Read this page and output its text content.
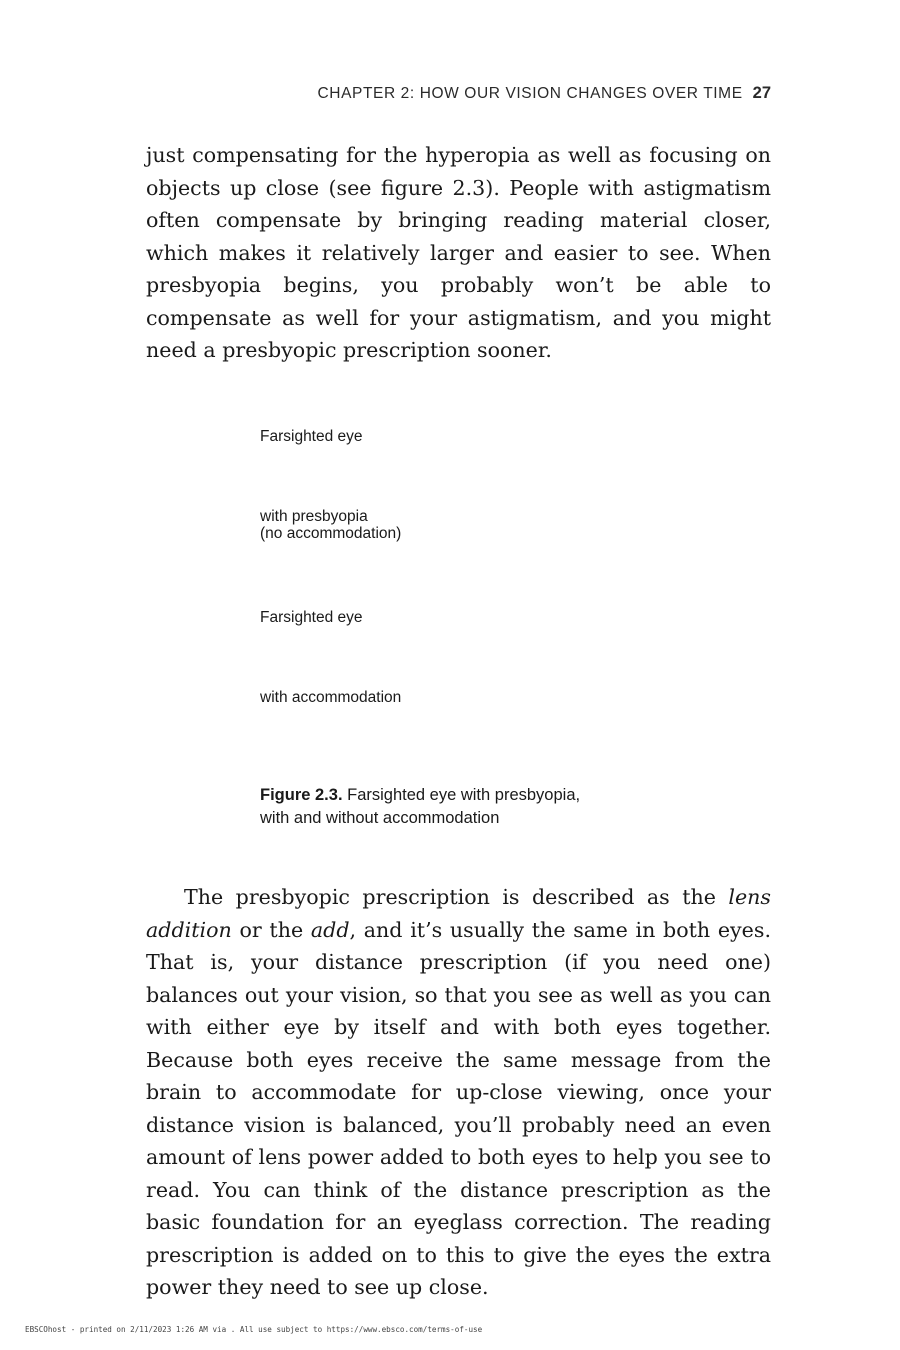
CHAPTER 2: HOW OUR VISION CHANGES OVER TIME 27

just compensating for the hyperopia as well as focusing on objects up close (see figure 2.3). People with astigmatism often compensate by bringing reading material closer, which makes it relatively larger and easier to see. When presbyopia begins, you probably won’t be able to compensate as well for your astigmatism, and you might need a presbyopic prescription sooner.

Farsighted eye
with presbyopia
(no accommodation)
Farsighted eye
with accommodation
Figure 2.3. Farsighted eye with presbyopia,
with and without accommodation

The presbyopic prescription is described as the lens addition or the add, and it’s usually the same in both eyes. That is, your distance prescription (if you need one) balances out your vision, so that you see as well as you can with either eye by itself and with both eyes together. Because both eyes receive the same message from the brain to accommodate for up-close viewing, once your distance vision is balanced, you’ll probably need an even amount of lens power added to both eyes to help you see to read. You can think of the distance prescription as the basic foundation for an eyeglass correction. The reading prescription is added on to this to give the eyes the extra power they need to see up close.

EBSCOhost - printed on 2/11/2023 1:26 AM via . All use subject to https://www.ebsco.com/terms-of-use
